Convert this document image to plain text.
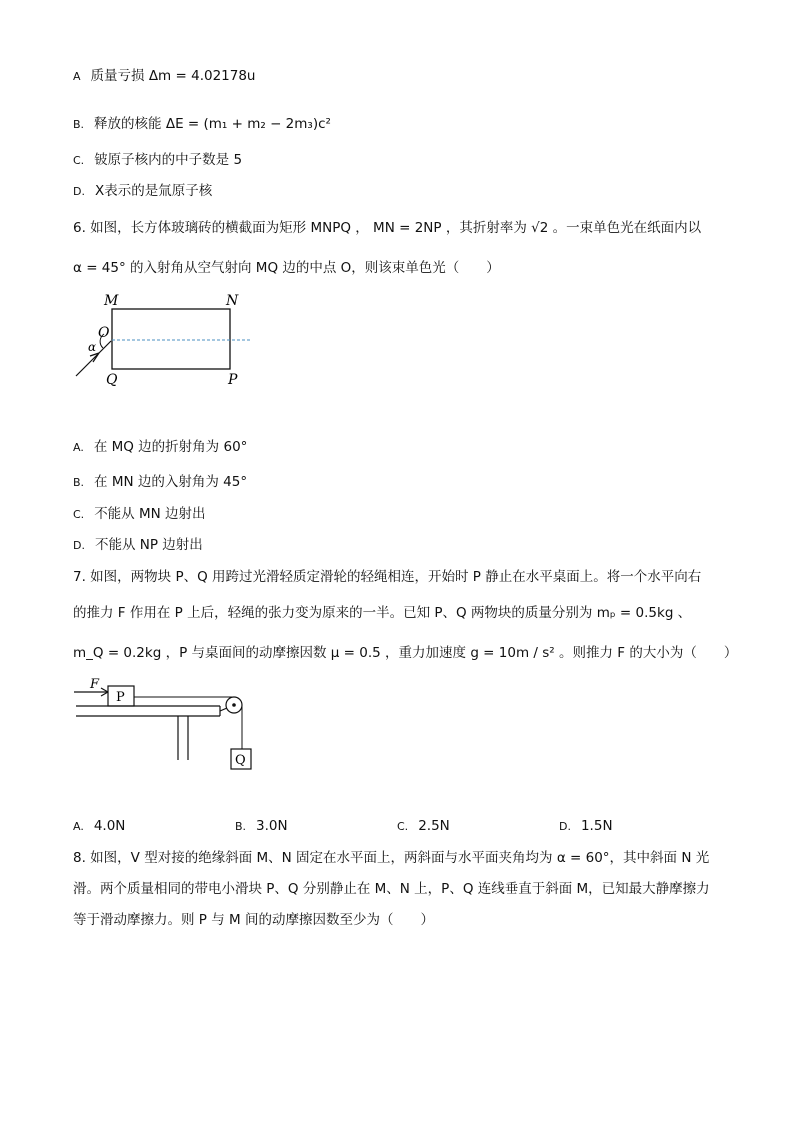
A 质量亏损 Δm = 4.02178u
B. 释放的核能 ΔE = (m₁ + m₂ − 2m₃)c²
C. 铍原子核内的中子数是 5
D. X表示的是氚原子核
6. 如图，长方体玻璃砖的横截面为矩形 MNPQ ， MN = 2NP ，其折射率为 √2 。一束单色光在纸面内以
α = 45° 的入射角从空气射向 MQ 边的中点 O，则该束单色光（　　）
M	N
O
α
Q	P
A. 在 MQ 边的折射角为 60°
B. 在 MN 边的入射角为 45°
C. 不能从 MN 边射出
D. 不能从 NP 边射出
7. 如图，两物块 P、Q 用跨过光滑轻质定滑轮的轻绳相连，开始时 P 静止在水平桌面上。将一个水平向右
的推力 F 作用在 P 上后，轻绳的张力变为原来的一半。已知 P、Q 两物块的质量分别为 mₚ = 0.5kg 、
m_Q = 0.2kg ，P 与桌面间的动摩擦因数 μ = 0.5 ，重力加速度 g = 10m / s² 。则推力 F 的大小为（　　）
F
P
Q
A. 4.0N	B. 3.0N	C. 2.5N	D. 1.5N
8. 如图，V 型对接的绝缘斜面 M、N 固定在水平面上，两斜面与水平面夹角均为 α = 60°，其中斜面 N 光
滑。两个质量相同的带电小滑块 P、Q 分别静止在 M、N 上，P、Q 连线垂直于斜面 M，已知最大静摩擦力
等于滑动摩擦力。则 P 与 M 间的动摩擦因数至少为（　　）
